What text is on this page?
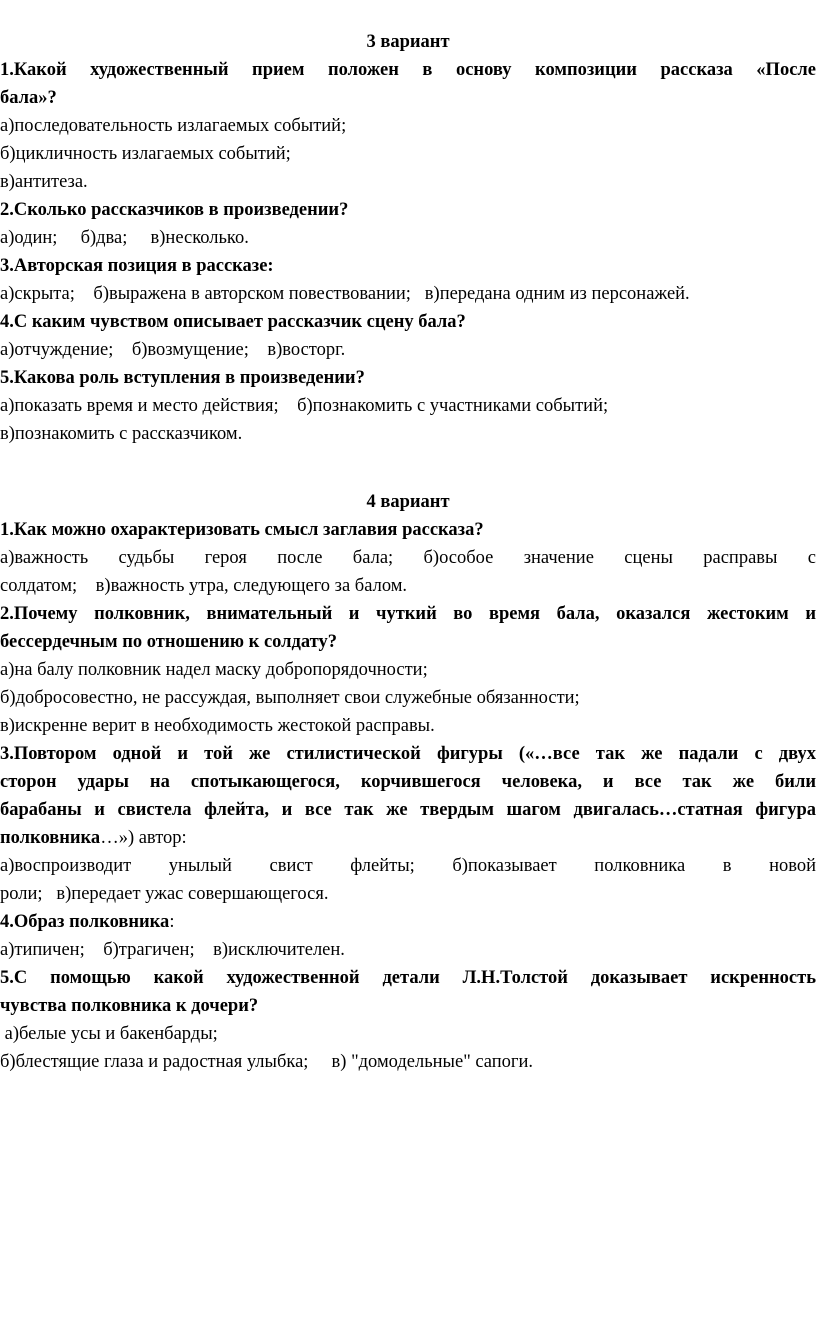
3 вариант
1.Какой художественный прием положен в основу композиции рассказа «После
бала»?
а)последовательность излагаемых событий;
б)цикличность излагаемых событий;
в)антитеза.
2.Сколько рассказчиков в произведении?
а)один;     б)два;     в)несколько.
3.Авторская позиция в рассказе:
а)скрыта;    б)выражена в авторском повествовании;   в)передана одним из персонажей.
4.С каким чувством описывает рассказчик сцену бала?
а)отчуждение;    б)возмущение;    в)восторг.
5.Какова роль вступления в произведении?
а)показать время и место действия;    б)познакомить с участниками событий;
в)познакомить с рассказчиком.
4 вариант
1.Как можно охарактеризовать смысл заглавия рассказа?
а)важность судьбы героя после бала; б)особое значение сцены расправы с
солдатом;    в)важность утра, следующего за балом.
2.Почему полковник, внимательный и чуткий во время бала, оказался жестоким и
бессердечным по отношению к солдату?
а)на балу полковник надел маску добропорядочности;
б)добросовестно, не рассуждая, выполняет свои служебные обязанности;
в)искренне верит в необходимость жестокой расправы.
3.Повтором одной и той же стилистической фигуры («…все так же падали с двух
сторон удары на спотыкающегося, корчившегося человека, и все так же били
барабаны и свистела флейта, и все так же твердым шагом двигалась…статная фигура
полковника…») автор:
а)воспроизводит унылый свист флейты; б)показывает полковника в новой
роли;   в)передает ужас совершающегося.
4.Образ полковника:
а)типичен;    б)трагичен;    в)исключителен.
5.С помощью какой художественной детали Л.Н.Толстой доказывает искренность
чувства полковника к дочери?
а)белые усы и бакенбарды;
б)блестящие глаза и радостная улыбка;     в) "домодельные" сапоги.
